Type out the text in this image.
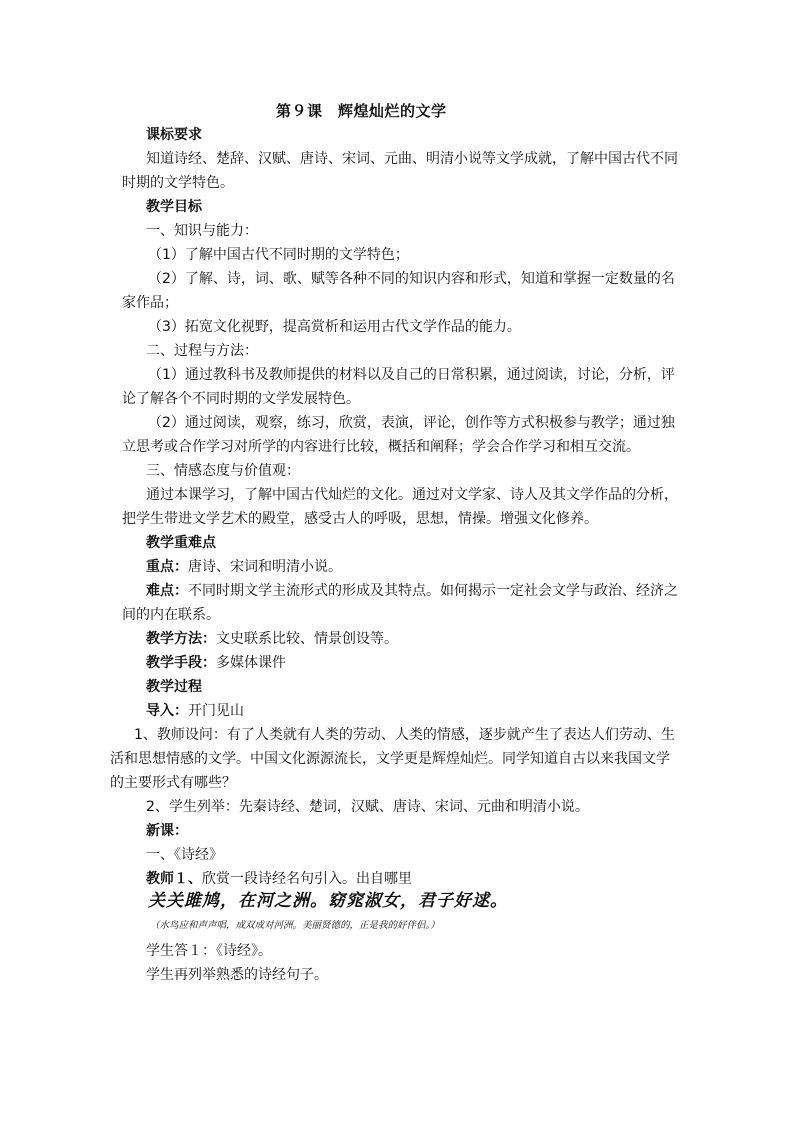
第９课　辉煌灿烂的文学
课标要求
知道诗经、楚辞、汉赋、唐诗、宋词、元曲、明清小说等文学成就，了解中国古代不同
时期的文学特色。
教学目标
一、知识与能力：
（1）了解中国古代不同时期的文学特色；
（2）了解、诗，词、歌、赋等各种不同的知识内容和形式，知道和掌握一定数量的名
家作品；
（3）拓宽文化视野，提高赏析和运用古代文学作品的能力。
二、过程与方法：
（1）通过教科书及教师提供的材料以及自己的日常积累，通过阅读，讨论，分析，评
论了解各个不同时期的文学发展特色。
（2）通过阅读，观察，练习，欣赏，表演，评论，创作等方式积极参与教学；通过独
立思考或合作学习对所学的内容进行比较，概括和阐释；学会合作学习和相互交流。
三、情感态度与价值观：
通过本课学习，了解中国古代灿烂的文化。通过对文学家、诗人及其文学作品的分析，
把学生带进文学艺术的殿堂，感受古人的呼吸，思想，情操。增强文化修养。
教学重难点
重点：唐诗、宋词和明清小说。
难点：不同时期文学主流形式的形成及其特点。如何揭示一定社会文学与政治、经济之
间的内在联系。
教学方法：文史联系比较、情景创设等。
教学手段：多媒体课件
教学过程
导入：开门见山
1、教师设问：有了人类就有人类的劳动、人类的情感，逐步就产生了表达人们劳动、生
活和思想情感的文学。中国文化源源流长，文学更是辉煌灿烂。同学知道自古以来我国文学
的主要形式有哪些？
2、学生列举：先秦诗经、楚词，汉赋、唐诗、宋词、元曲和明清小说。
新课：
一、《诗经》
教师１、欣赏一段诗经名句引入。出自哪里
关关雎鸠，在河之洲。窈窕淑女，君子好逑。
（水鸟应和声声唱，成双成对河洲。美丽贤德的，正是我的好伴侣。）
学生答１：《诗经》。
学生再列举熟悉的诗经句子。
